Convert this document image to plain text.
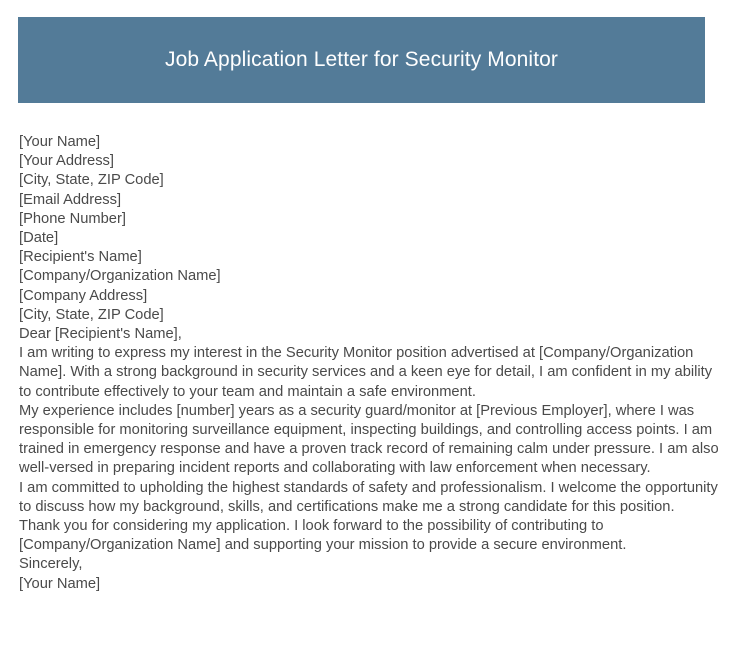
Job Application Letter for Security Monitor
[Your Name]
[Your Address]
[City, State, ZIP Code]
[Email Address]
[Phone Number]
[Date]
[Recipient's Name]
[Company/Organization Name]
[Company Address]
[City, State, ZIP Code]
Dear [Recipient's Name],

I am writing to express my interest in the Security Monitor position advertised at [Company/Organization Name]. With a strong background in security services and a keen eye for detail, I am confident in my ability to contribute effectively to your team and maintain a safe environment.

My experience includes [number] years as a security guard/monitor at [Previous Employer], where I was responsible for monitoring surveillance equipment, inspecting buildings, and controlling access points. I am trained in emergency response and have a proven track record of remaining calm under pressure. I am also well-versed in preparing incident reports and collaborating with law enforcement when necessary.

I am committed to upholding the highest standards of safety and professionalism. I welcome the opportunity to discuss how my background, skills, and certifications make me a strong candidate for this position.

Thank you for considering my application. I look forward to the possibility of contributing to [Company/Organization Name] and supporting your mission to provide a secure environment.

Sincerely,
[Your Name]
